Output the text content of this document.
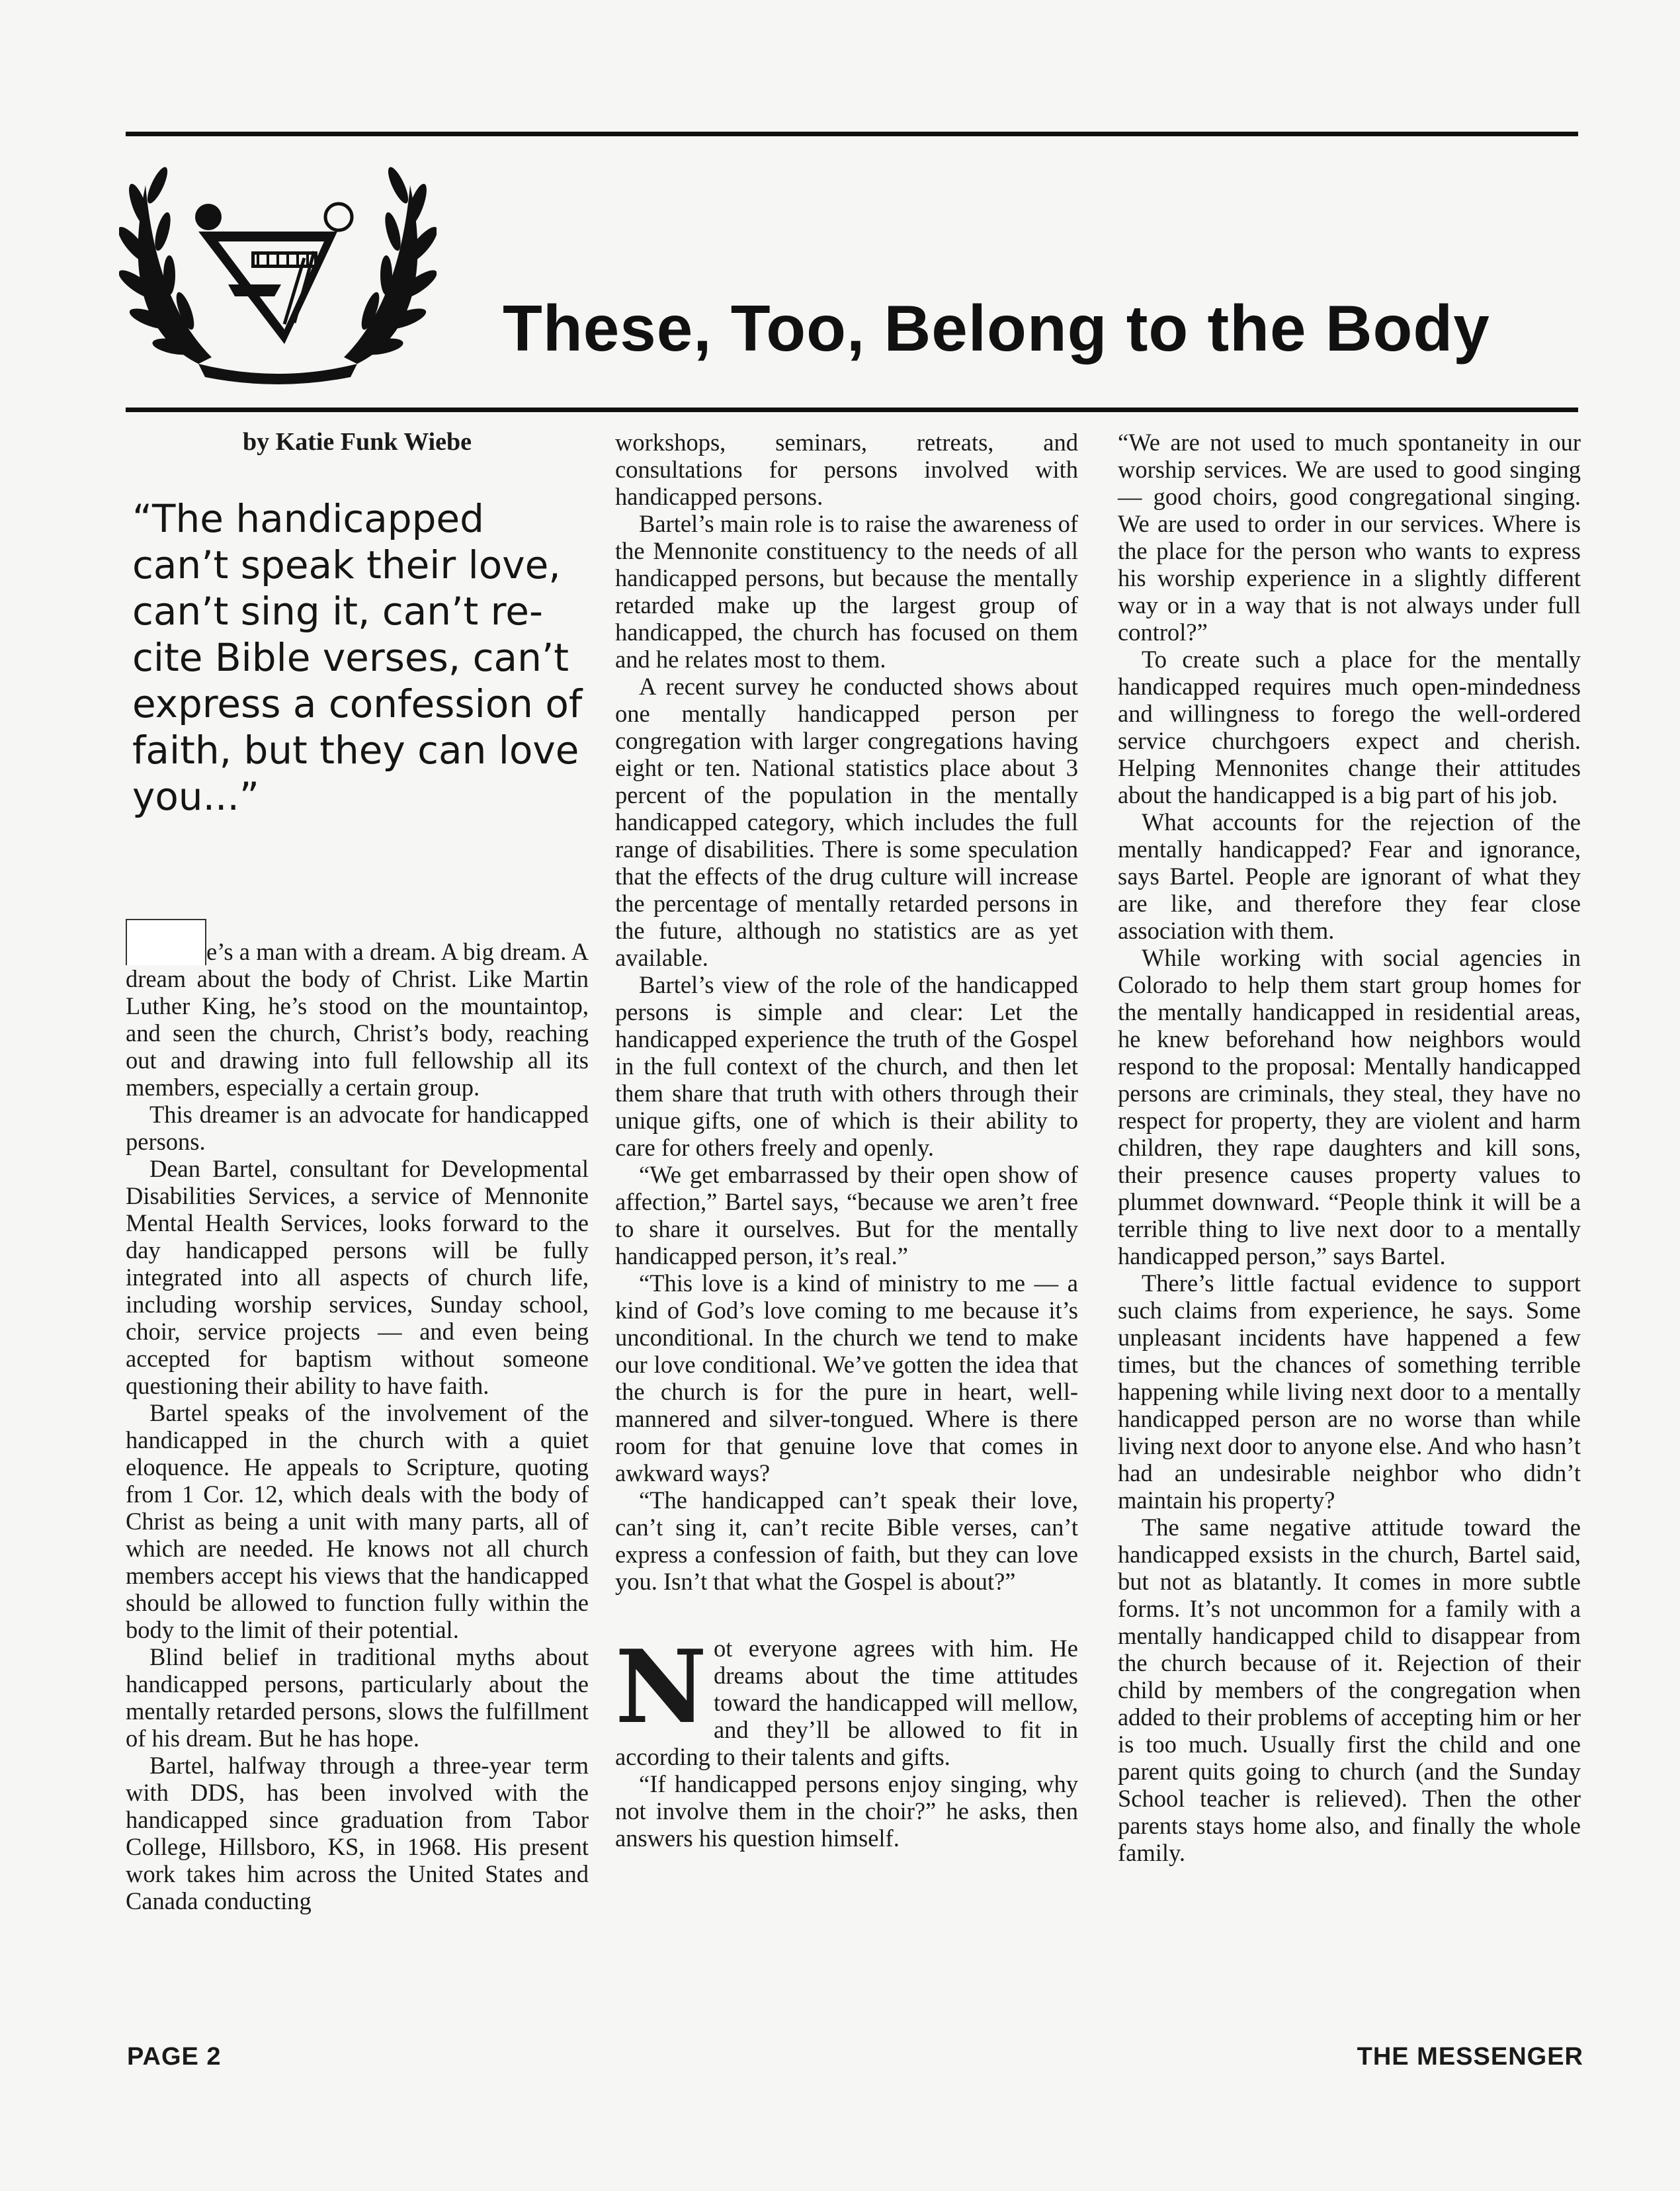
These, Too, Belong to the Body

by Katie Funk Wiebe

“The handicapped can’t speak their love, can’t sing it, can’t re-cite Bible verses, can’t express a confession of faith, but they can love you...”

e’s a man with a dream. A big dream. A dream about the body of Christ. Like Martin Luther King, he’s stood on the mountaintop, and seen the church, Christ’s body, reaching out and drawing into full fellowship all its members, especially a certain group.

This dreamer is an advocate for handicapped persons.

Dean Bartel, consultant for Developmental Disabilities Services, a service of Mennonite Mental Health Services, looks forward to the day handicapped persons will be fully integrated into all aspects of church life, including worship services, Sunday school, choir, service projects — and even being accepted for baptism without someone questioning their ability to have faith.

Bartel speaks of the involvement of the handicapped in the church with a quiet eloquence. He appeals to Scripture, quoting from 1 Cor. 12, which deals with the body of Christ as being a unit with many parts, all of which are needed. He knows not all church members accept his views that the handicapped should be allowed to function fully within the body to the limit of their potential.

Blind belief in traditional myths about handicapped persons, particularly about the mentally retarded persons, slows the fulfillment of his dream. But he has hope.

Bartel, halfway through a three-year term with DDS, has been involved with the handicapped since graduation from Tabor College, Hillsboro, KS, in 1968. His present work takes him across the United States and Canada conducting

workshops, seminars, retreats, and consultations for persons involved with handicapped persons.

Bartel’s main role is to raise the awareness of the Mennonite constituency to the needs of all handicapped persons, but because the mentally retarded make up the largest group of handicapped, the church has focused on them and he relates most to them.

A recent survey he conducted shows about one mentally handicapped person per congregation with larger congregations having eight or ten. National statistics place about 3 percent of the population in the mentally handicapped category, which includes the full range of disabilities. There is some speculation that the effects of the drug culture will increase the percentage of mentally retarded persons in the future, although no statistics are as yet available.

Bartel’s view of the role of the handicapped persons is simple and clear: Let the handicapped experience the truth of the Gospel in the full context of the church, and then let them share that truth with others through their unique gifts, one of which is their ability to care for others freely and openly.

“We get embarrassed by their open show of affection,” Bartel says, “because we aren’t free to share it ourselves. But for the mentally handicapped person, it’s real.”

“This love is a kind of ministry to me — a kind of God’s love coming to me because it’s unconditional. In the church we tend to make our love conditional. We’ve gotten the idea that the church is for the pure in heart, well-mannered and silver-tongued. Where is there room for that genuine love that comes in awkward ways?

“The handicapped can’t speak their love, can’t sing it, can’t recite Bible verses, can’t express a confession of faith, but they can love you. Isn’t that what the Gospel is about?”

Not everyone agrees with him. He dreams about the time attitudes toward the handicapped will mellow, and they’ll be allowed to fit in according to their talents and gifts.

“If handicapped persons enjoy singing, why not involve them in the choir?” he asks, then answers his question himself.

“We are not used to much spontaneity in our worship services. We are used to good singing — good choirs, good congregational singing. We are used to order in our services. Where is the place for the person who wants to express his worship experience in a slightly different way or in a way that is not always under full control?”

To create such a place for the mentally handicapped requires much open-mindedness and willingness to forego the well-ordered service churchgoers expect and cherish. Helping Mennonites change their attitudes about the handicapped is a big part of his job.

What accounts for the rejection of the mentally handicapped? Fear and ignorance, says Bartel. People are ignorant of what they are like, and therefore they fear close association with them.

While working with social agencies in Colorado to help them start group homes for the mentally handicapped in residential areas, he knew beforehand how neighbors would respond to the proposal: Mentally handicapped persons are criminals, they steal, they have no respect for property, they are violent and harm children, they rape daughters and kill sons, their presence causes property values to plummet downward. “People think it will be a terrible thing to live next door to a mentally handicapped person,” says Bartel.

There’s little factual evidence to support such claims from experience, he says. Some unpleasant incidents have happened a few times, but the chances of something terrible happening while living next door to a mentally handicapped person are no worse than while living next door to anyone else. And who hasn’t had an undesirable neighbor who didn’t maintain his property?

The same negative attitude toward the handicapped exsists in the church, Bartel said, but not as blatantly. It comes in more subtle forms. It’s not uncommon for a family with a mentally handicapped child to disappear from the church because of it. Rejection of their child by members of the congregation when added to their problems of accepting him or her is too much. Usually first the child and one parent quits going to church (and the Sunday School teacher is relieved). Then the other parents stays home also, and finally the whole family.

PAGE 2	THE MESSENGER
